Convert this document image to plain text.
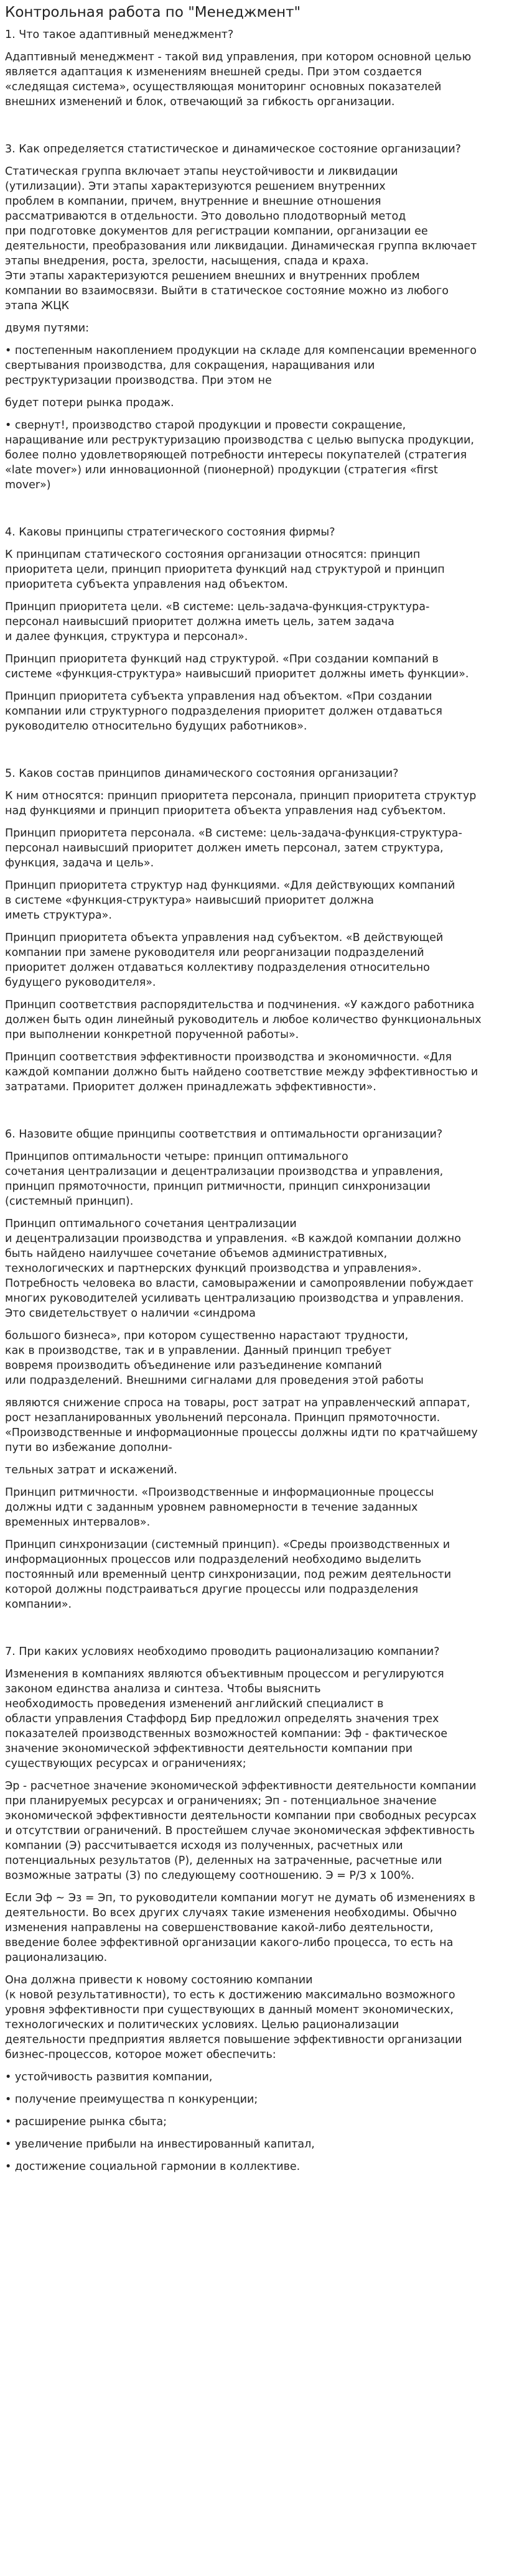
Контрольная работа по "Менеджмент"
1. Что такое адаптивный менеджмент?
Адаптивный менеджмент - такой вид управления, при котором основной целью
является адаптация к изменениям внешней среды. При этом создается
«следящая система», осуществляющая мониторинг основных показателей
внешних изменений и блок, отвечающий за гибкость организации.
3. Как определяется статистическое и динамическое состояние организации?
Статическая группа включает этапы неустойчивости и ликвидации
(утилизации). Эти этапы характеризуются решением внутренних
проблем в компании, причем, внутренние и внешние отношения
рассматриваются в отдельности. Это довольно плодотворный метод
при подготовке документов для регистрации компании, организации ее
деятельности, преобразования или ликвидации. Динамическая группа включает
этапы внедрения, роста, зрелости, насыщения, спада и краха.
Эти этапы характеризуются решением внешних и внутренних проблем
компании во взаимосвязи. Выйти в статическое состояние можно из любого
этапа ЖЦК
двумя путями:
• постепенным накоплением продукции на складе для компенсации временного
свертывания производства, для сокращения, наращивания или
реструктуризации производства. При этом не
будет потери рынка продаж.
• свернут!, производство старой продукции и провести сокращение,
наращивание или реструктуризацию производства с целью выпуска продукции,
более полно удовлетворяющей потребности интересы покупателей (стратегия
«late mover») или инновационной (пионерной) продукции (стратегия «first
mover»)
4. Каковы принципы стратегического состояния фирмы?
К принципам статического состояния организации относятся: принцип
приоритета цели, принцип приоритета функций над структурой и принцип
приоритета субъекта управления над объектом.
Принцип приоритета цели. «В системе: цель-задача-функция-структура-
персонал наивысший приоритет должна иметь цель, затем задача
и далее функция, структура и персонал».
Принцип приоритета функций над структурой. «При создании компаний в
системе «функция-структура» наивысший приоритет должны иметь функции».
Принцип приоритета субъекта управления над объектом. «При создании
компании или структурного подразделения приоритет должен отдаваться
руководителю относительно будущих работников».
5. Каков состав принципов динамического состояния организации?
К ним относятся: принцип приоритета персонала, принцип приоритета структур
над функциями и принцип приоритета объекта управления над субъектом.
Принцип приоритета персонала. «В системе: цель-задача-функция-структура-
персонал наивысший приоритет должен иметь персонал, затем структура,
функция, задача и цель».
Принцип приоритета структур над функциями. «Для действующих компаний
в системе «функция-структура» наивысший приоритет должна
иметь структура».
Принцип приоритета объекта управления над субъектом. «В действующей
компании при замене руководителя или реорганизации подразделений
приоритет должен отдаваться коллективу подразделения относительно
будущего руководителя».
Принцип соответствия распорядительства и подчинения. «У каждого работника
должен быть один линейный руководитель и любое количество функциональных
при выполнении конкретной порученной работы».
Принцип соответствия эффективности производства и экономичности. «Для
каждой компании должно быть найдено соответствие между эффективностью и
затратами. Приоритет должен принадлежать эффективности».
6. Назовите общие принципы соответствия и оптимальности организации?
Принципов оптимальности четыре: принцип оптимального
сочетания централизации и децентрализации производства и управления,
принцип прямоточности, принцип ритмичности, принцип синхронизации
(системный принцип).
Принцип оптимального сочетания централизации
и децентрализации производства и управления. «В каждой компании должно
быть найдено наилучшее сочетание объемов административных,
технологических и партнерских функций производства и управления».
Потребность человека во власти, самовыражении и самопроявлении побуждает
многих руководителей усиливать централизацию производства и управления.
Это свидетельствует о наличии «синдрома
большого бизнеса», при котором существенно нарастают трудности,
как в производстве, так и в управлении. Данный принцип требует
вовремя производить объединение или разъединение компаний
или подразделений. Внешними сигналами для проведения этой работы
являются снижение спроса на товары, рост затрат на управленческий аппарат,
рост незапланированных увольнений персонала. Принцип прямоточности.
«Производственные и информационные процессы должны идти по кратчайшему
пути во избежание дополни-
тельных затрат и искажений.
Принцип ритмичности. «Производственные и информационные процессы
должны идти с заданным уровнем равномерности в течение заданных
временных интервалов».
Принцип синхронизации (системный принцип). «Среды производственных и
информационных процессов или подразделений необходимо выделить
постоянный или временный центр синхронизации, под режим деятельности
которой должны подстраиваться другие процессы или подразделения
компании».
7. При каких условиях необходимо проводить рационализацию компании?
Изменения в компаниях являются объективным процессом и регулируются
законом единства анализа и синтеза. Чтобы выяснить
необходимость проведения изменений английский специалист в
области управления Стаффорд Бир предложил определять значения трех
показателей производственных возможностей компании: Эф - фактическое
значение экономической эффективности деятельности компании при
существующих ресурсах и ограничениях;
Эр - расчетное значение экономической эффективности деятельности компании
при планируемых ресурсах и ограничениях; Эп - потенциальное значение
экономической эффективности деятельности компании при свободных ресурсах
и отсутствии ограничений. В простейшем случае экономическая эффективность
компании (Э) рассчитывается исходя из полученных, расчетных или
потенциальных результатов (Р), деленных на затраченные, расчетные или
возможные затраты (З) по следующему соотношению. Э = Р/З х 100%.
Если Эф ~ Эз = Эп, то руководители компании могут не думать об изменениях в
деятельности. Во всех других случаях такие изменения необходимы. Обычно
изменения направлены на совершенствование какой-либо деятельности,
введение более эффективной организации какого-либо процесса, то есть на
рационализацию.
Она должна привести к новому состоянию компании
(к новой результативности), то есть к достижению максимально возможного
уровня эффективности при существующих в данный момент экономических,
технологических и политических условиях. Целью рационализации
деятельности предприятия является повышение эффективности организации
бизнес-процессов, которое может обеспечить:
• устойчивость развития компании,
• получение преимущества п конкуренции;
• расширение рынка сбыта;
• увеличение прибыли на инвестированный капитал,
• достижение социальной гармонии в коллективе.
